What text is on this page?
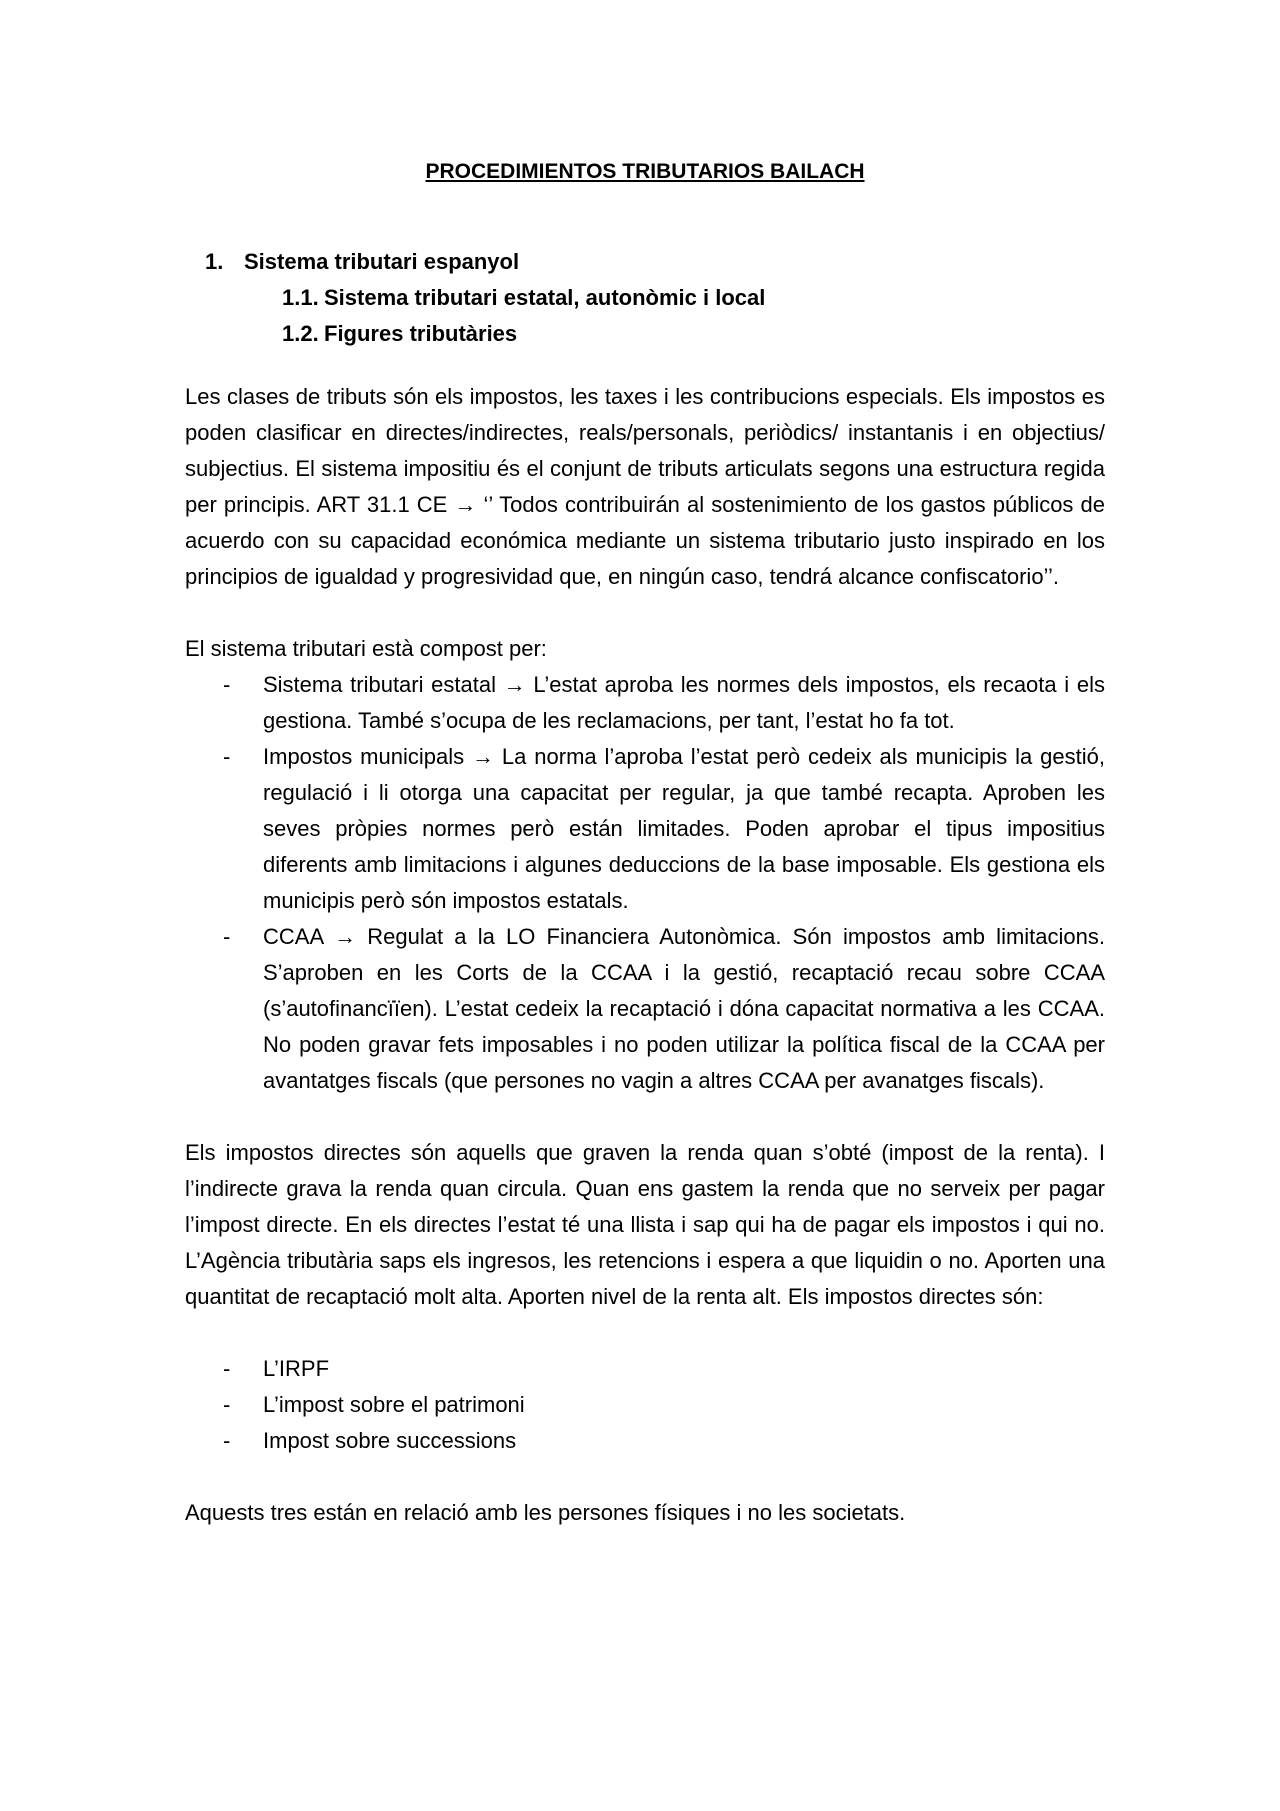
PROCEDIMIENTOS TRIBUTARIOS BAILACH
1. Sistema tributari espanyol
1.1. Sistema tributari estatal, autonòmic i local
1.2. Figures tributàries

Les clases de tributs són els impostos, les taxes i les contribucions especials. Els impostos es poden clasificar en directes/indirectes, reals/personals, periòdics/ instantanis i en objectius/ subjectius. El sistema impositiu és el conjunt de tributs articulats segons una estructura regida per principis. ART 31.1 CE → ‘’ Todos contribuirán al sostenimiento de los gastos públicos de acuerdo con su capacidad económica mediante un sistema tributario justo inspirado en los principios de igualdad y progresividad que, en ningún caso, tendrá alcance confiscatorio’’.

El sistema tributari està compost per:

- Sistema tributari estatal → L’estat aproba les normes dels impostos, els recaota i els gestiona. També s’ocupa de les reclamacions, per tant, l’estat ho fa tot.
- Impostos municipals → La norma l’aproba l’estat però cedeix als municipis la gestió, regulació i li otorga una capacitat per regular, ja que també recapta. Aproben les seves pròpies normes però están limitades. Poden aprobar el tipus impositius diferents amb limitacions i algunes deduccions de la base imposable. Els gestiona els municipis però són impostos estatals.
- CCAA → Regulat a la LO Financiera Autonòmica. Són impostos amb limitacions. S’aproben en les Corts de la CCAA i la gestió, recaptació recau sobre CCAA (s’autofinancïïen). L’estat cedeix la recaptació i dóna capacitat normativa a les CCAA. No poden gravar fets imposables i no poden utilizar la política fiscal de la CCAA per avantatges fiscals (que persones no vagin a altres CCAA per avanatges fiscals).

Els impostos directes són aquells que graven la renda quan s’obté (impost de la renta). I l’indirecte grava la renda quan circula. Quan ens gastem la renda que no serveix per pagar l’impost directe. En els directes l’estat té una llista i sap qui ha de pagar els impostos i qui no. L’Agència tributària saps els ingresos, les retencions i espera a que liquidin o no. Aporten una quantitat de recaptació molt alta. Aporten nivel de la renta alt. Els impostos directes són:

- L’IRPF
- L’impost sobre el patrimoni
- Impost sobre successions

Aquests tres están en relació amb les persones físiques i no les societats.
